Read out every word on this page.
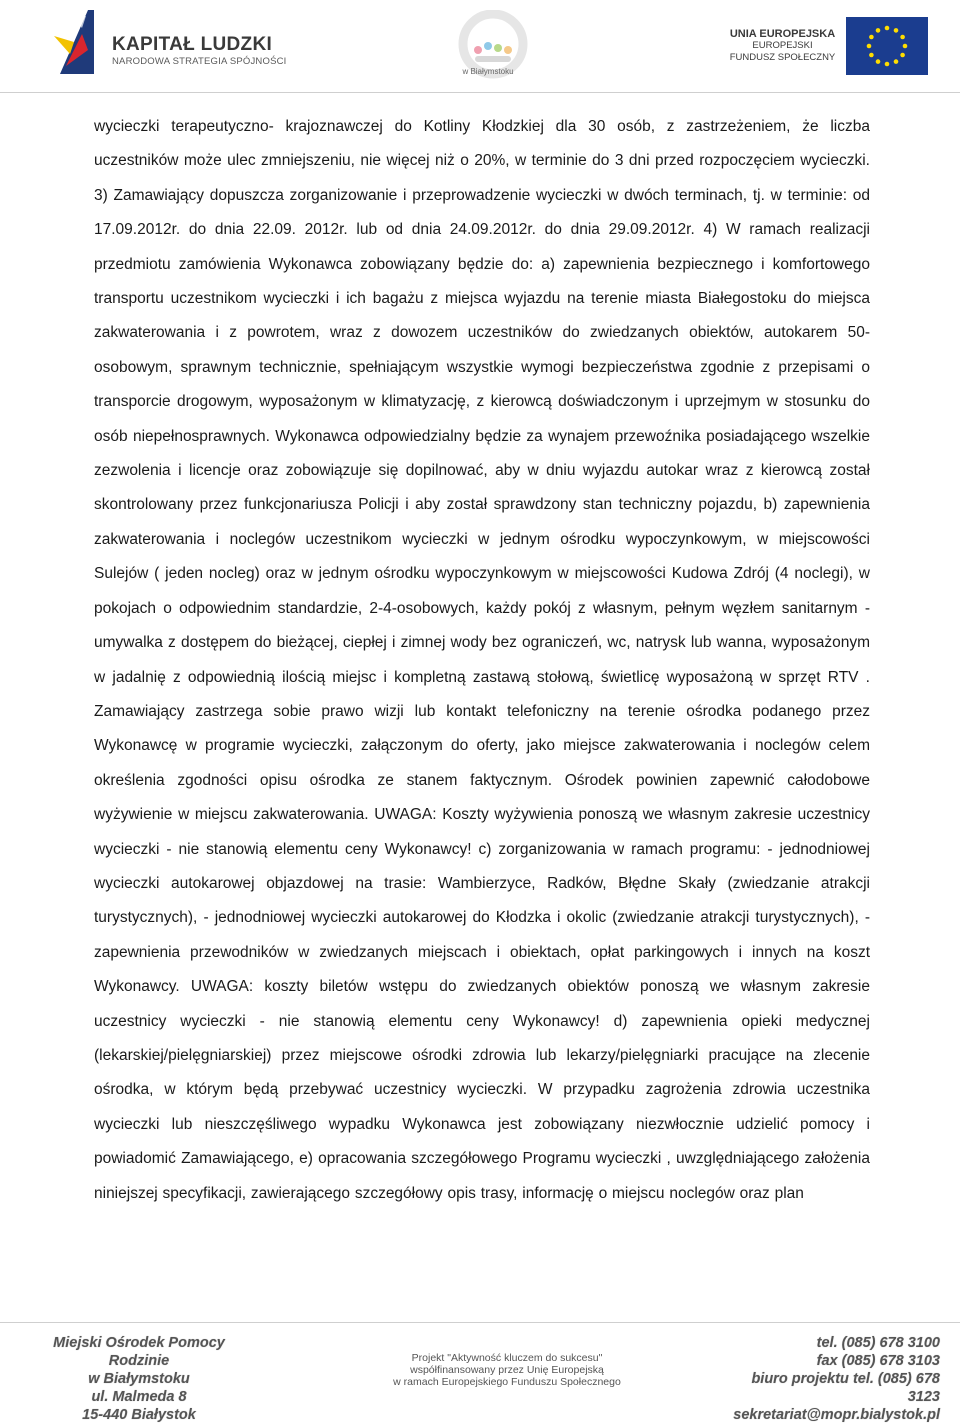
KAPITAŁ LUDZKI
NARODOWA STRATEGIA SPÓJNOŚCI
w Białymstoku
UNIA EUROPEJSKA
EUROPEJSKI
FUNDUSZ SPOŁECZNY

wycieczki terapeutyczno- krajoznawczej do Kotliny Kłodzkiej dla 30 osób, z zastrzeżeniem, że liczba uczestników może ulec zmniejszeniu, nie więcej niż o 20%, w terminie do 3 dni przed rozpoczęciem wycieczki. 3) Zamawiający dopuszcza zorganizowanie i przeprowadzenie wycieczki w dwóch terminach, tj. w terminie: od 17.09.2012r. do dnia 22.09. 2012r. lub od dnia 24.09.2012r. do dnia 29.09.2012r. 4) W ramach realizacji przedmiotu zamówienia Wykonawca zobowiązany będzie do: a) zapewnienia bezpiecznego i komfortowego transportu uczestnikom wycieczki i ich bagażu z miejsca wyjazdu na terenie miasta Białegostoku do miejsca zakwaterowania i z powrotem, wraz z dowozem uczestników do zwiedzanych obiektów, autokarem 50-osobowym, sprawnym technicznie, spełniającym wszystkie wymogi bezpieczeństwa zgodnie z przepisami o transporcie drogowym, wyposażonym w klimatyzację, z kierowcą doświadczonym i uprzejmym w stosunku do osób niepełnosprawnych. Wykonawca odpowiedzialny będzie za wynajem przewoźnika posiadającego wszelkie zezwolenia i licencje oraz zobowiązuje się dopilnować, aby w dniu wyjazdu autokar wraz z kierowcą został skontrolowany przez funkcjonariusza Policji i aby został sprawdzony stan techniczny pojazdu, b) zapewnienia zakwaterowania i noclegów uczestnikom wycieczki w jednym ośrodku wypoczynkowym, w miejscowości Sulejów ( jeden nocleg) oraz w jednym ośrodku wypoczynkowym w miejscowości Kudowa Zdrój (4 noclegi), w pokojach o odpowiednim standardzie, 2-4-osobowych, każdy pokój z własnym, pełnym węzłem sanitarnym - umywalka z dostępem do bieżącej, ciepłej i zimnej wody bez ograniczeń, wc, natrysk lub wanna, wyposażonym w jadalnię z odpowiednią ilością miejsc i kompletną zastawą stołową, świetlicę wyposażoną w sprzęt RTV . Zamawiający zastrzega sobie prawo wizji lub kontakt telefoniczny na terenie ośrodka podanego przez Wykonawcę w programie wycieczki, załączonym do oferty, jako miejsce zakwaterowania i noclegów celem określenia zgodności opisu ośrodka ze stanem faktycznym. Ośrodek powinien zapewnić całodobowe wyżywienie w miejscu zakwaterowania. UWAGA: Koszty wyżywienia ponoszą we własnym zakresie uczestnicy wycieczki - nie stanowią elementu ceny Wykonawcy! c) zorganizowania w ramach programu: - jednodniowej wycieczki autokarowej objazdowej na trasie: Wambierzyce, Radków, Błędne Skały (zwiedzanie atrakcji turystycznych), - jednodniowej wycieczki autokarowej do Kłodzka i okolic (zwiedzanie atrakcji turystycznych), - zapewnienia przewodników w zwiedzanych miejscach i obiektach, opłat parkingowych i innych na koszt Wykonawcy. UWAGA: koszty biletów wstępu do zwiedzanych obiektów ponoszą we własnym zakresie uczestnicy wycieczki - nie stanowią elementu ceny Wykonawcy! d) zapewnienia opieki medycznej (lekarskiej/pielęgniarskiej) przez miejscowe ośrodki zdrowia lub lekarzy/pielęgniarki pracujące na zlecenie ośrodka, w którym będą przebywać uczestnicy wycieczki. W przypadku zagrożenia zdrowia uczestnika wycieczki lub nieszczęśliwego wypadku Wykonawca jest zobowiązany niezwłocznie udzielić pomocy i powiadomić Zamawiającego, e) opracowania szczegółowego Programu wycieczki , uwzględniającego założenia niniejszej specyfikacji, zawierającego szczegółowy opis trasy, informację o miejscu noclegów oraz plan

Miejski Ośrodek Pomocy Rodzinie
w Białymstoku
ul. Malmeda 8
15-440 Białystok
Projekt "Aktywność kluczem do sukcesu"
współfinansowany przez Unię Europejską
w ramach Europejskiego Funduszu Społecznego
tel. (085) 678 3100
fax (085) 678 3103
biuro projektu tel. (085) 678 3123
sekretariat@mopr.bialystok.pl
